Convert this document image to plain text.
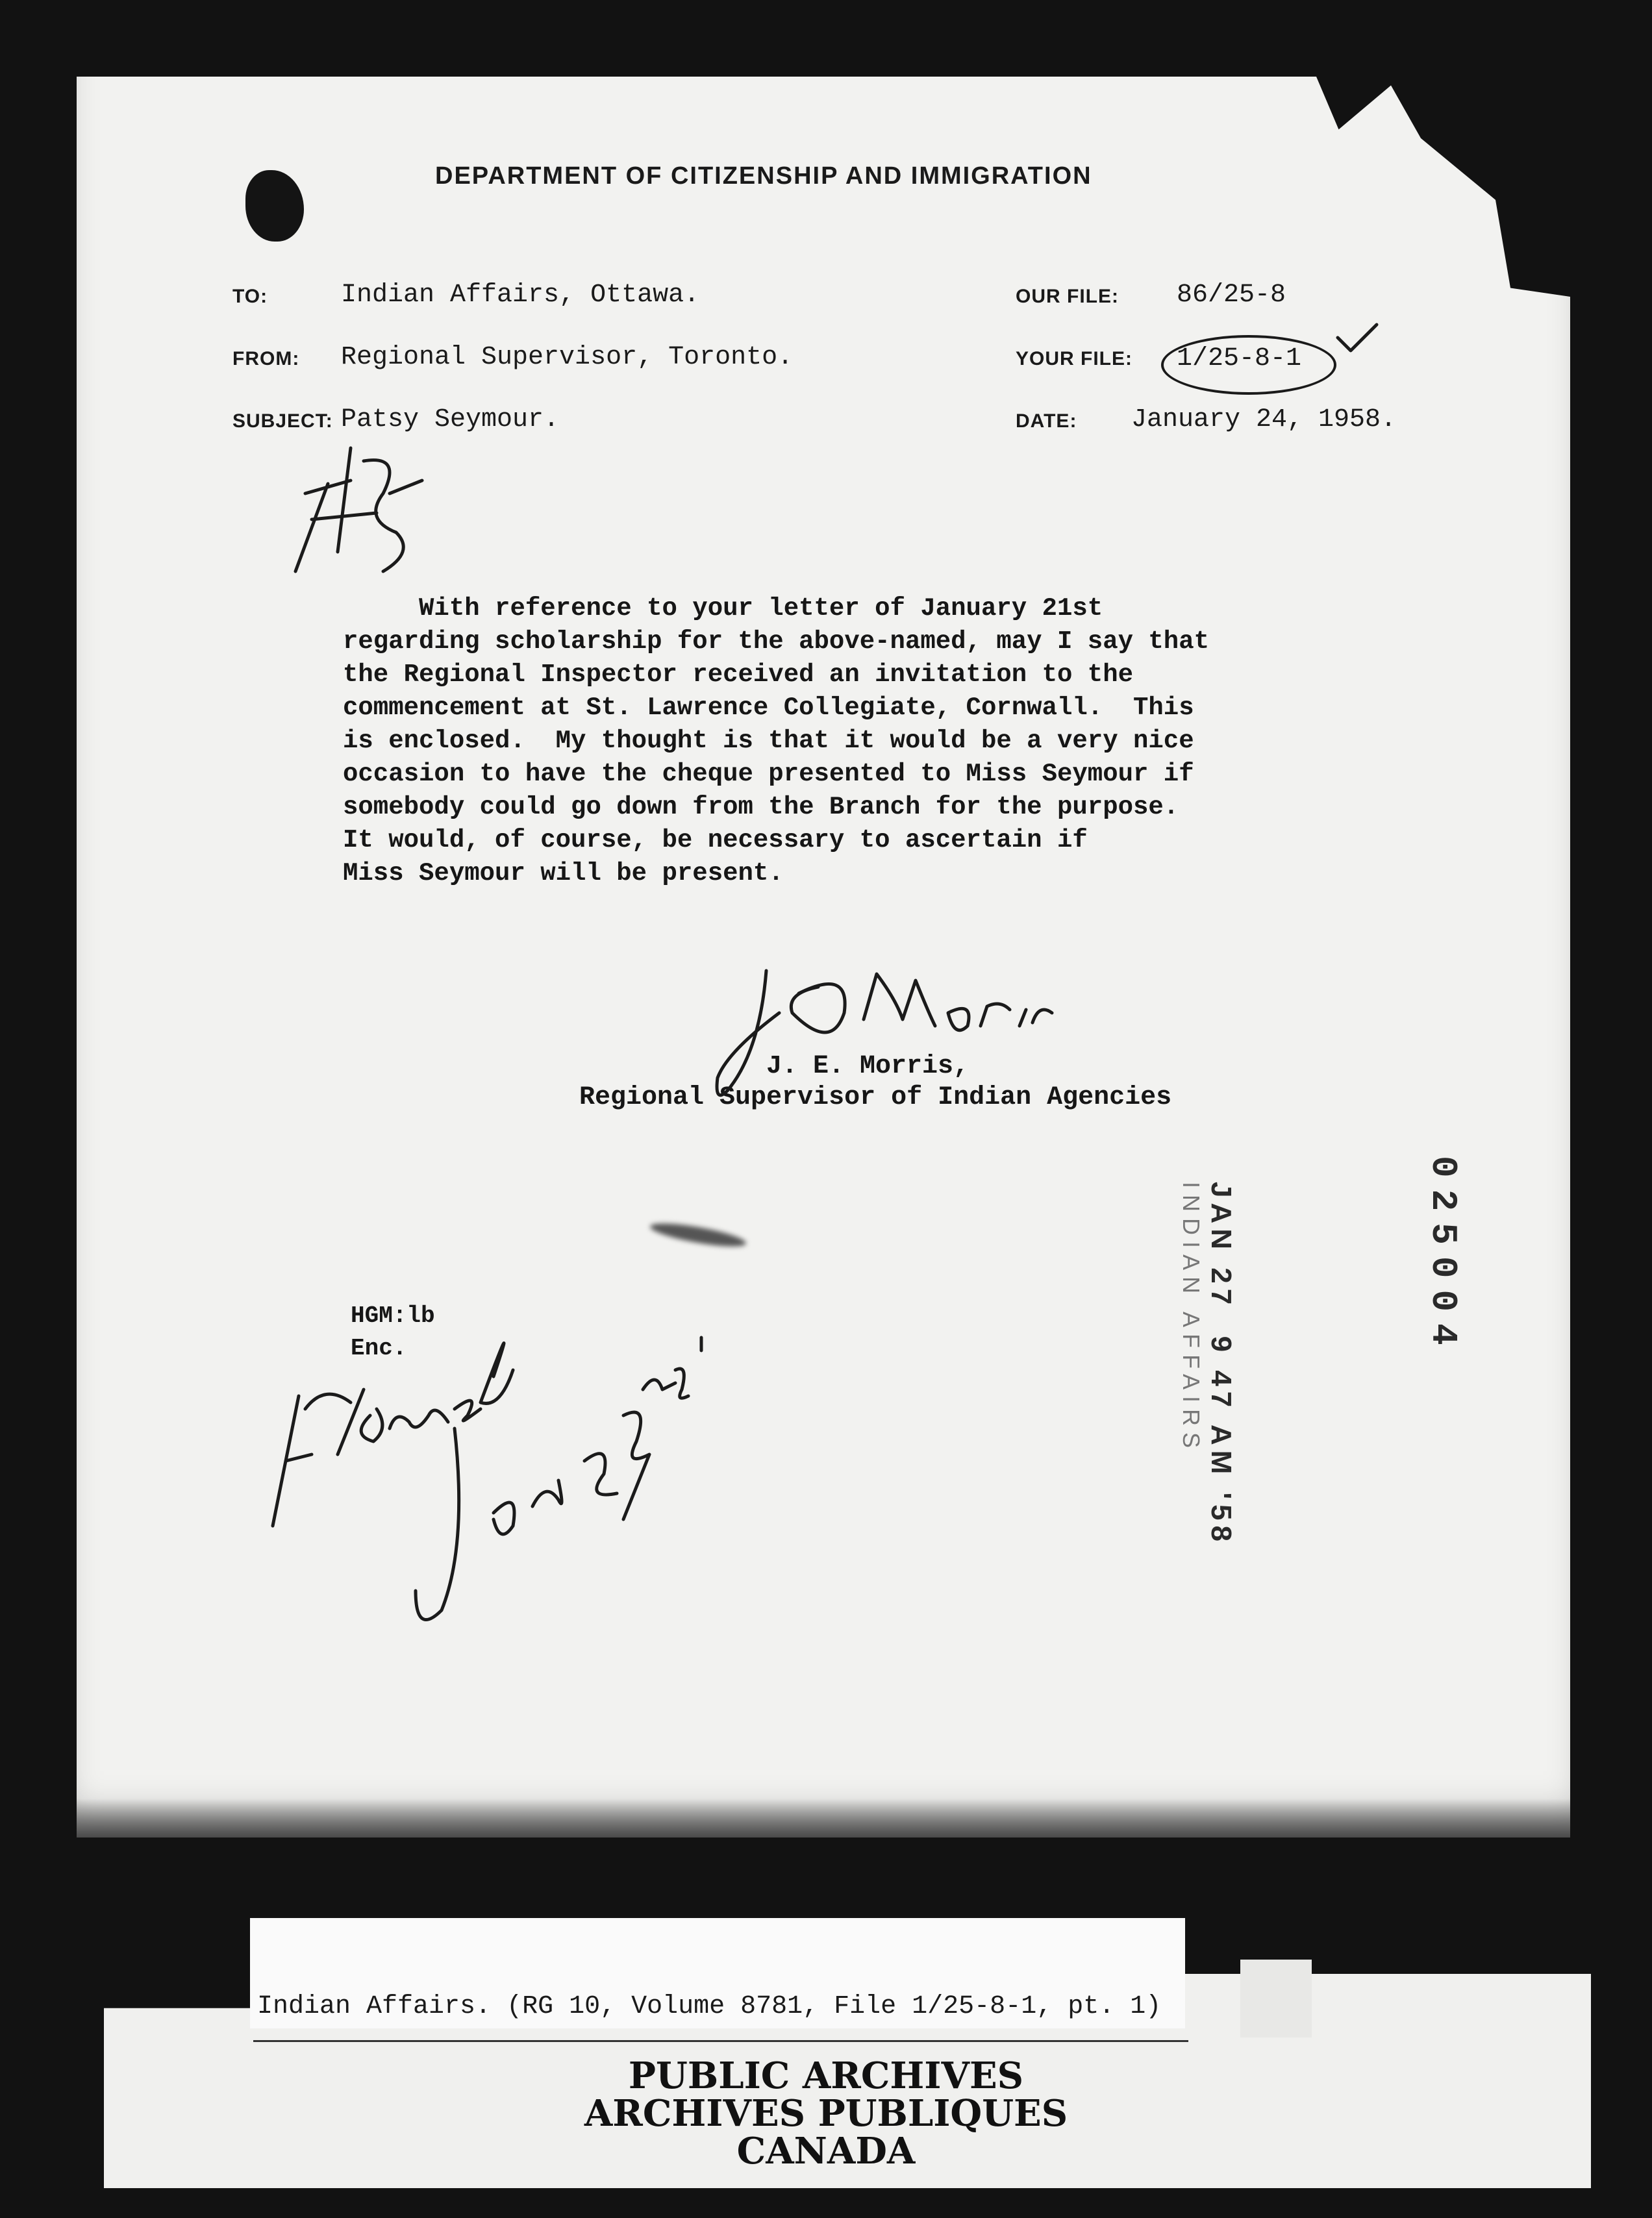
DEPARTMENT OF CITIZENSHIP AND IMMIGRATION
TO:	Indian Affairs, Ottawa.
FROM: Regional Supervisor, Toronto.
SUBJECT: Patsy Seymour.
OUR FILE: 86/25-8
YOUR FILE: 1/25-8-1
DATE: January 24, 1958.
With reference to your letter of January 21st
regarding scholarship for the above-named, may I say that
the Regional Inspector received an invitation to the
commencement at St. Lawrence Collegiate, Cornwall.  This
is enclosed.  My thought is that it would be a very nice
occasion to have the cheque presented to Miss Seymour if
somebody could go down from the Branch for the purpose.
It would, of course, be necessary to ascertain if
Miss Seymour will be present.
J. E. Morris,
Regional Supervisor of Indian Agencies
HGM:lb
Enc.	JAN 27  9 47 AM '58
INDIAN AFFAIRS	025004
Indian Affairs. (RG 10, Volume 8781, File 1/25-8-1, pt. 1)
PUBLIC ARCHIVES
ARCHIVES PUBLIQUES
CANADA
